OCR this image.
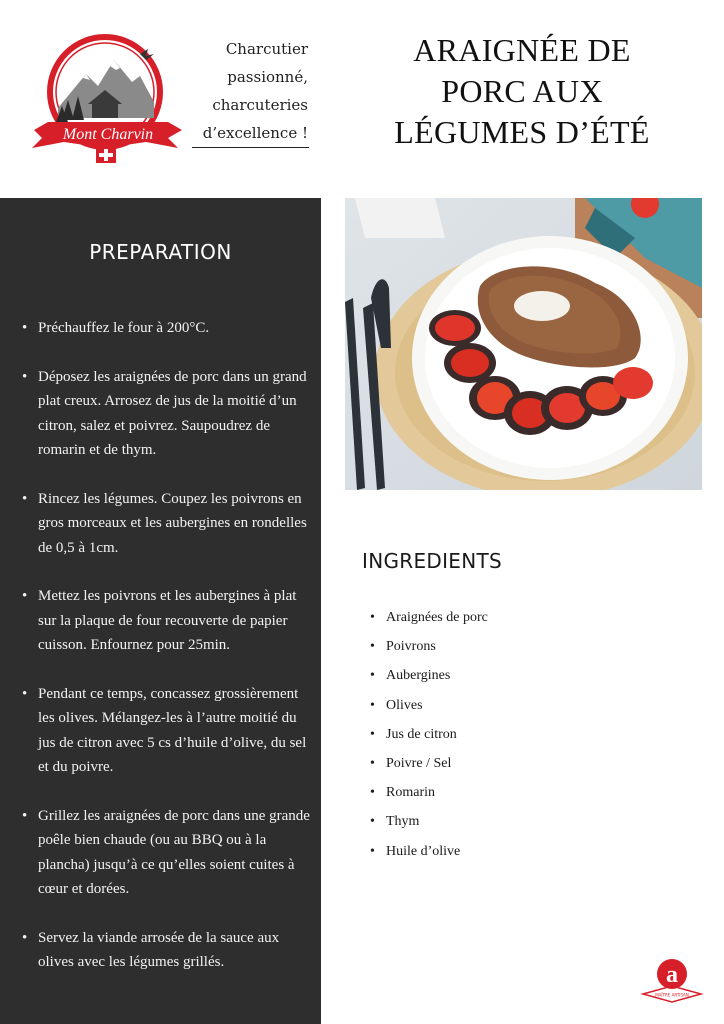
Mont Charvin
Charcutier
passionné,
charcuteries
d’excellence !
ARAIGNÉE DE
PORC AUX
LÉGUMES D’ÉTÉ
PREPARATION
• Préchauffez le four à 200°C.
• Déposez les araignées de porc dans un grand plat creux. Arrosez de jus de la moitié d’un citron, salez et poivrez. Saupoudrez de romarin et de thym.
• Rincez les légumes. Coupez les poivrons en gros morceaux et les aubergines en rondelles de 0,5 à 1cm.
• Mettez les poivrons et les aubergines à plat sur la plaque de four recouverte de papier cuisson. Enfournez pour 25min.
• Pendant ce temps, concassez grossièrement les olives. Mélangez-les à l’autre moitié du jus de citron avec 5 cs d’huile d’olive, du sel et du poivre.
• Grillez les araignées de porc dans une grande poêle bien chaude (ou au BBQ ou à la plancha) jusqu’à ce qu’elles soient cuites à cœur et dorées.
• Servez la viande arrosée de la sauce aux olives avec les légumes grillés.
INGREDIENTS
• Araignées de porc
• Poivrons
• Aubergines
• Olives
• Jus de citron
• Poivre / Sel
• Romarin
• Thym
• Huile d’olive
a
MAÎTRE ARTISAN
